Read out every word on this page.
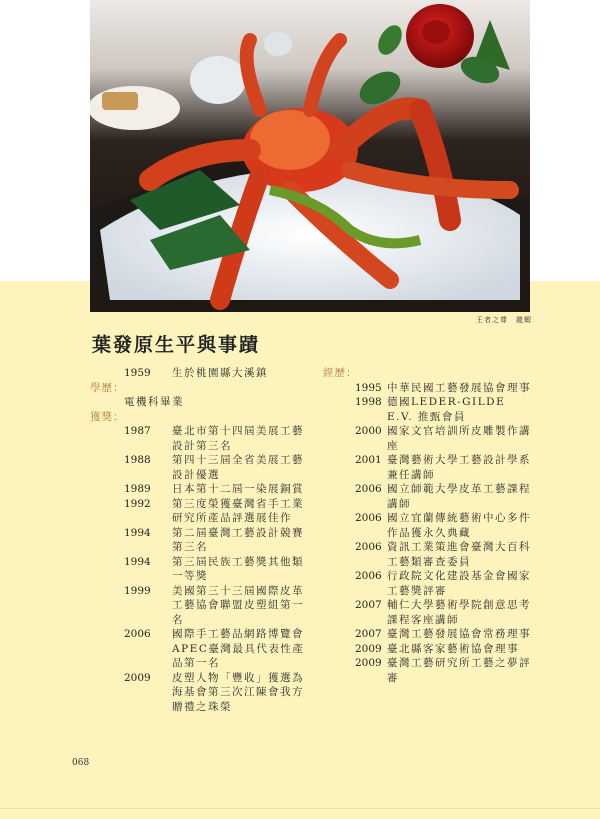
王者之尊　龍蝦
葉發原生平與事蹟
1959	生於桃園縣大溪鎮
學歷：
電機科畢業
獲獎：
1987	臺北市第十四屆美展工藝設計第三名
1988	第四十三屆全省美展工藝設計優選
1989	日本第十二屆一染展銅賞
1992	第三度榮獲臺灣省手工業研究所產品評選展佳作
1994	第二屆臺灣工藝設計競賽第三名
1994	第三屆民族工藝獎其他類一等獎
1999	美國第三十三屆國際皮革工藝協會聯盟皮塑組第一名
2006	國際手工藝品網路博覽會APEC臺灣最具代表性產品第一名
2009	皮塑人物「豐收」獲選為海基會第三次江陳會我方贈禮之珠榮
經歷：
1995 中華民國工藝發展協會理事
1998 德國LEDER-GILDE E.V. 推甄會員
2000 國家文官培訓所皮雕製作講座
2001 臺灣藝術大學工藝設計學系兼任講師
2006 國立師範大學皮革工藝課程講師
2006 國立宜蘭傳統藝術中心多件作品獲永久典藏
2006 資訊工業策進會臺灣大百科工藝類審查委員
2006 行政院文化建設基金會國家工藝獎評審
2007 輔仁大學藝術學院創意思考課程客座講師
2007 臺灣工藝發展協會常務理事
2009 臺北縣客家藝術協會理事
2009 臺灣工藝研究所工藝之夢評審
068
